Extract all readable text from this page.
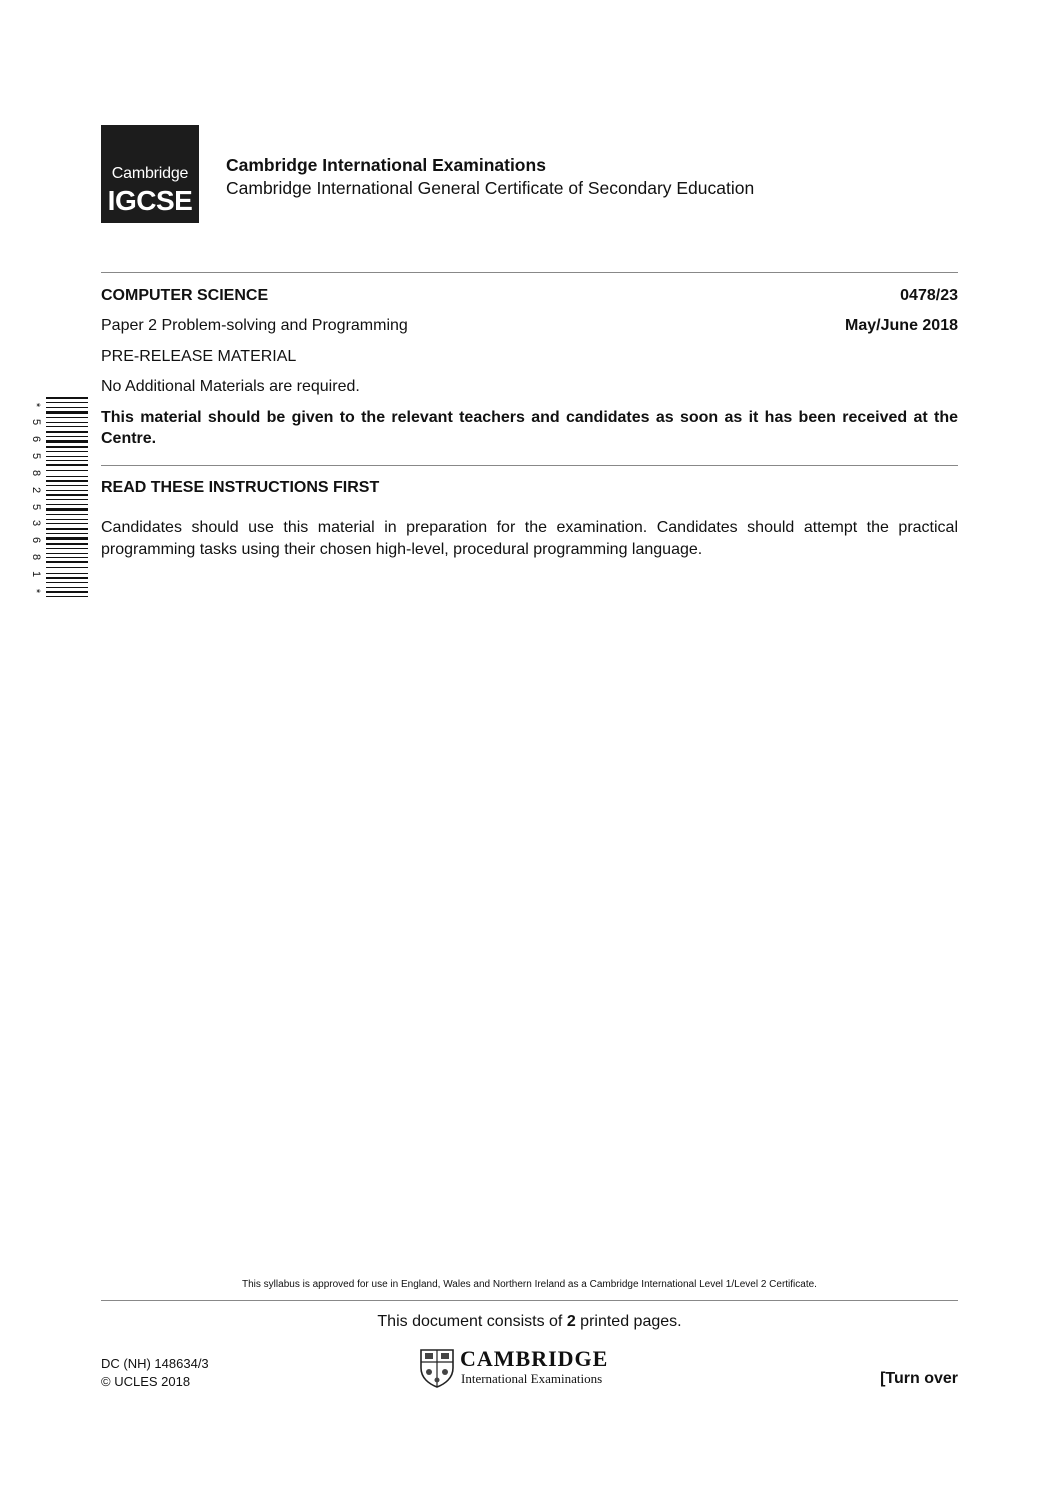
Cambridge
IGCSE
Cambridge International Examinations
Cambridge International General Certificate of Secondary Education
COMPUTER SCIENCE	0478/23
Paper 2 Problem-solving and Programming	May/June 2018
PRE-RELEASE MATERIAL
No Additional Materials are required.
This material should be given to the relevant teachers and candidates as soon as it has been received at the Centre.
*
5
6
5
8
2
5
3
6
8
1
*
READ THESE INSTRUCTIONS FIRST
Candidates should use this material in preparation for the examination. Candidates should attempt the practical programming tasks using their chosen high-level, procedural programming language.
This syllabus is approved for use in England, Wales and Northern Ireland as a Cambridge International Level 1/Level 2 Certificate.
This document consists of 2 printed pages.
DC (NH) 148634/3
© UCLES 2018
CAMBRIDGE
International Examinations	[Turn over
